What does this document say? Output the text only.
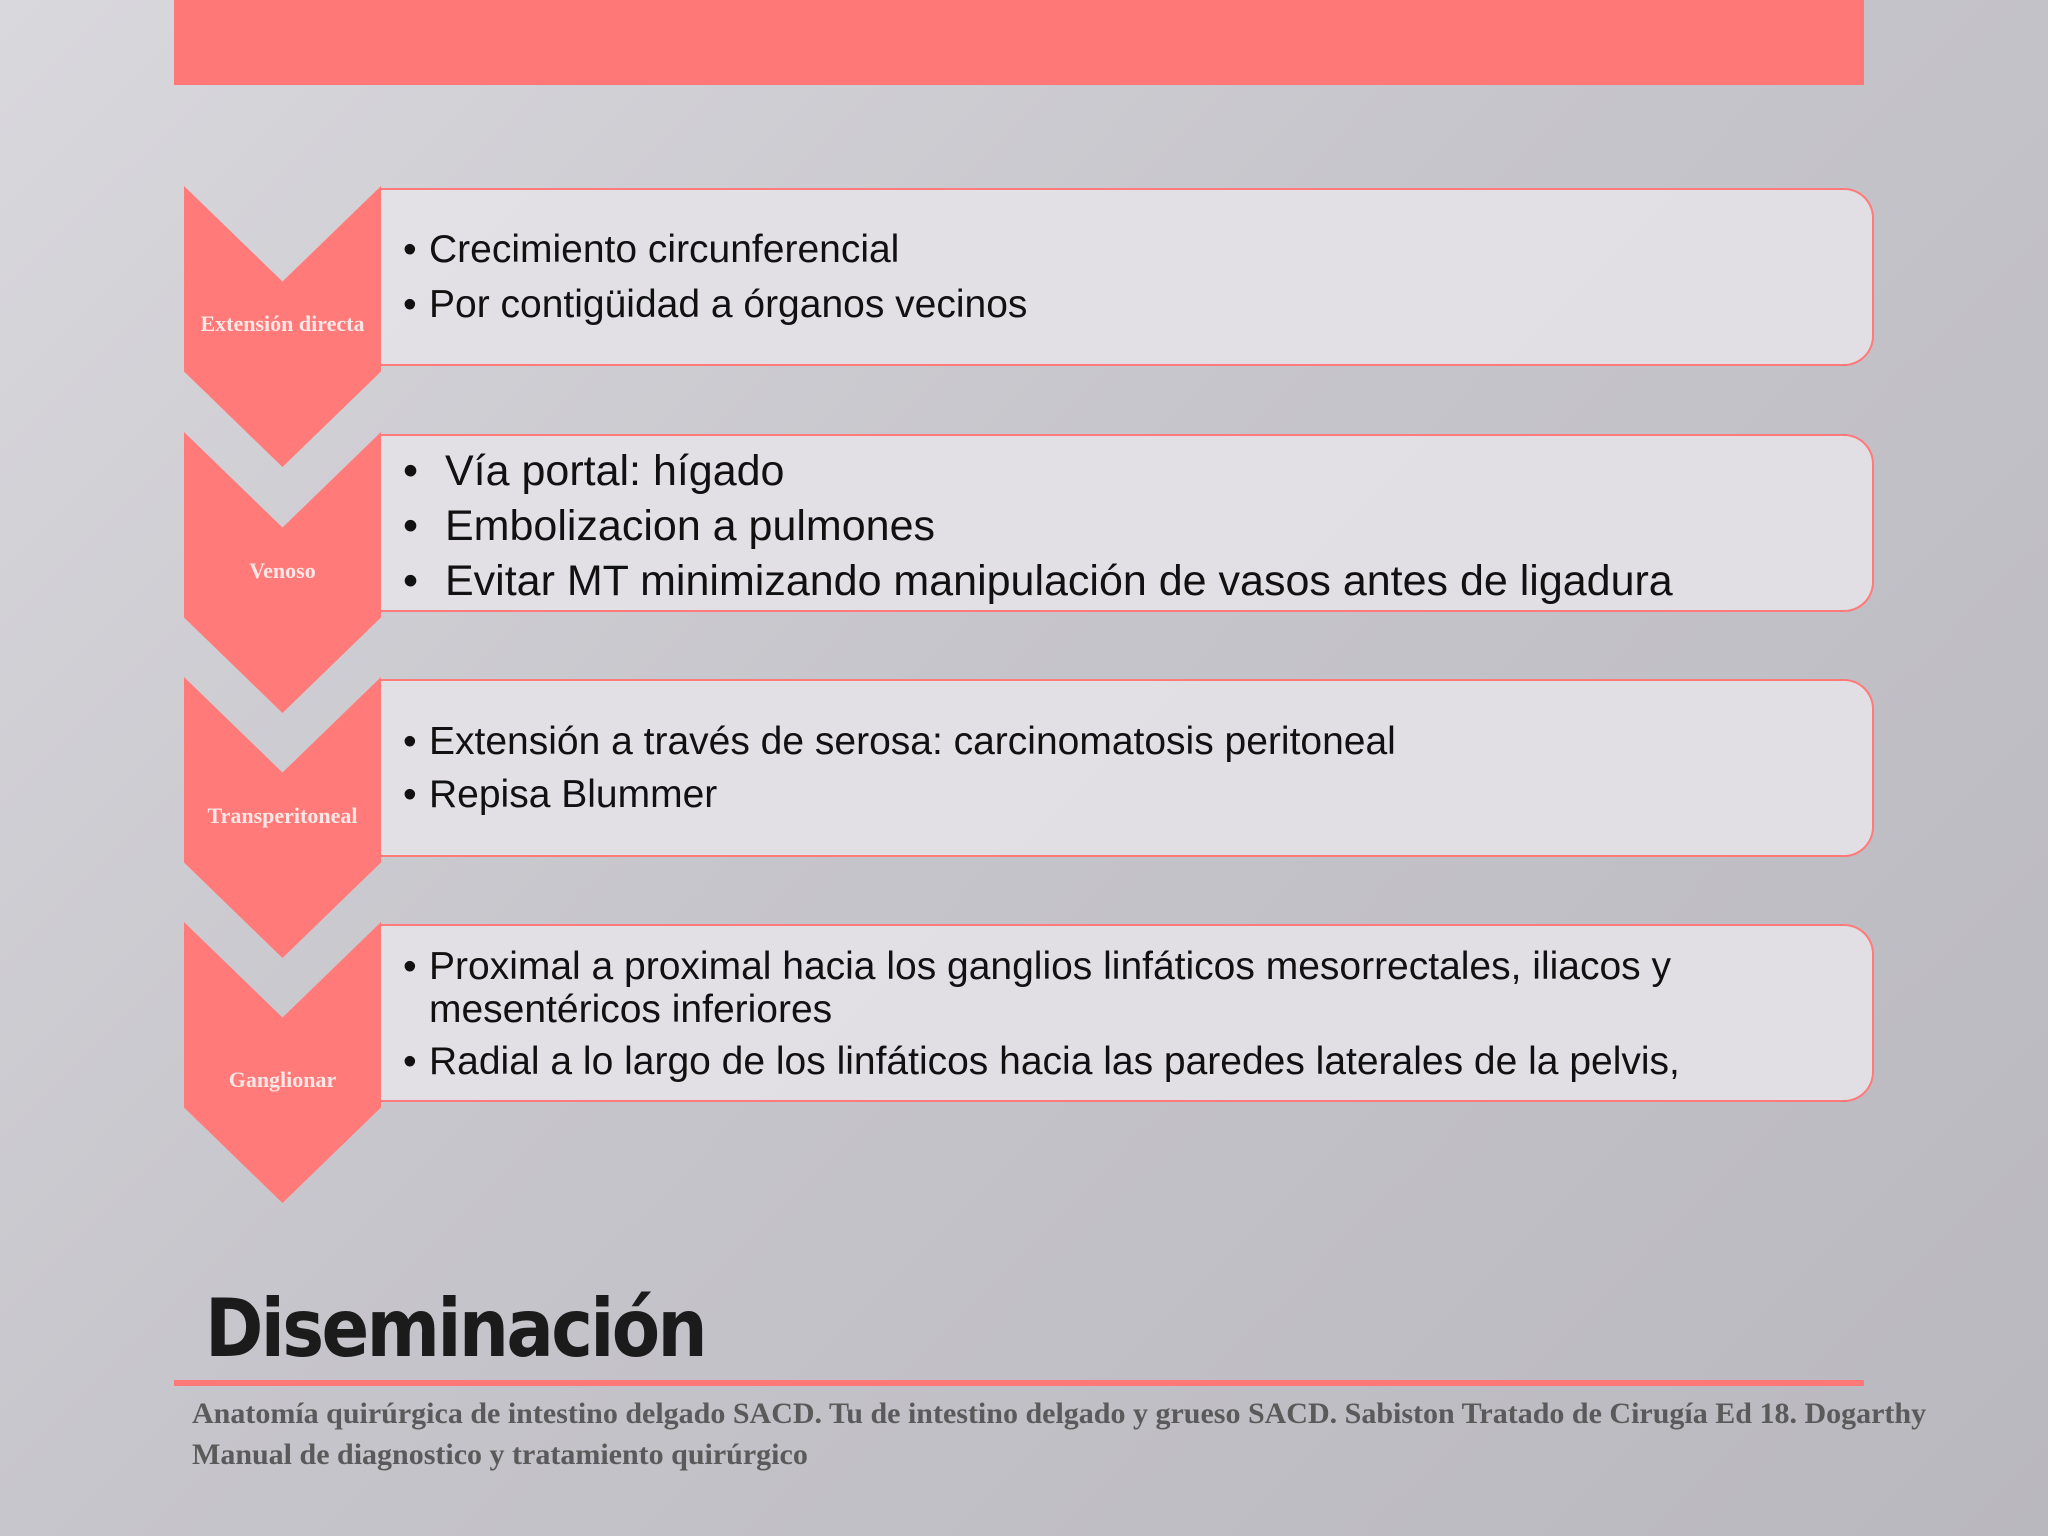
Extensión directa
• Crecimiento circunferencial
• Por contigüidad a órganos vecinos
Venoso
• Vía portal: hígado
• Embolizacion a pulmones
• Evitar MT minimizando manipulación de vasos antes de ligadura
Transperitoneal
• Extensión a través de serosa: carcinomatosis peritoneal
• Repisa Blummer
Ganglionar
• Proximal a proximal hacia los ganglios linfáticos mesorrectales, iliacos y mesentéricos inferiores
• Radial a lo largo de los linfáticos hacia las paredes laterales de la pelvis,
Diseminación

Anatomía quirúrgica de intestino delgado SACD. Tu de intestino delgado y grueso SACD. Sabiston Tratado de Cirugía Ed 18. Dogarthy Manual de diagnostico y tratamiento quirúrgico
